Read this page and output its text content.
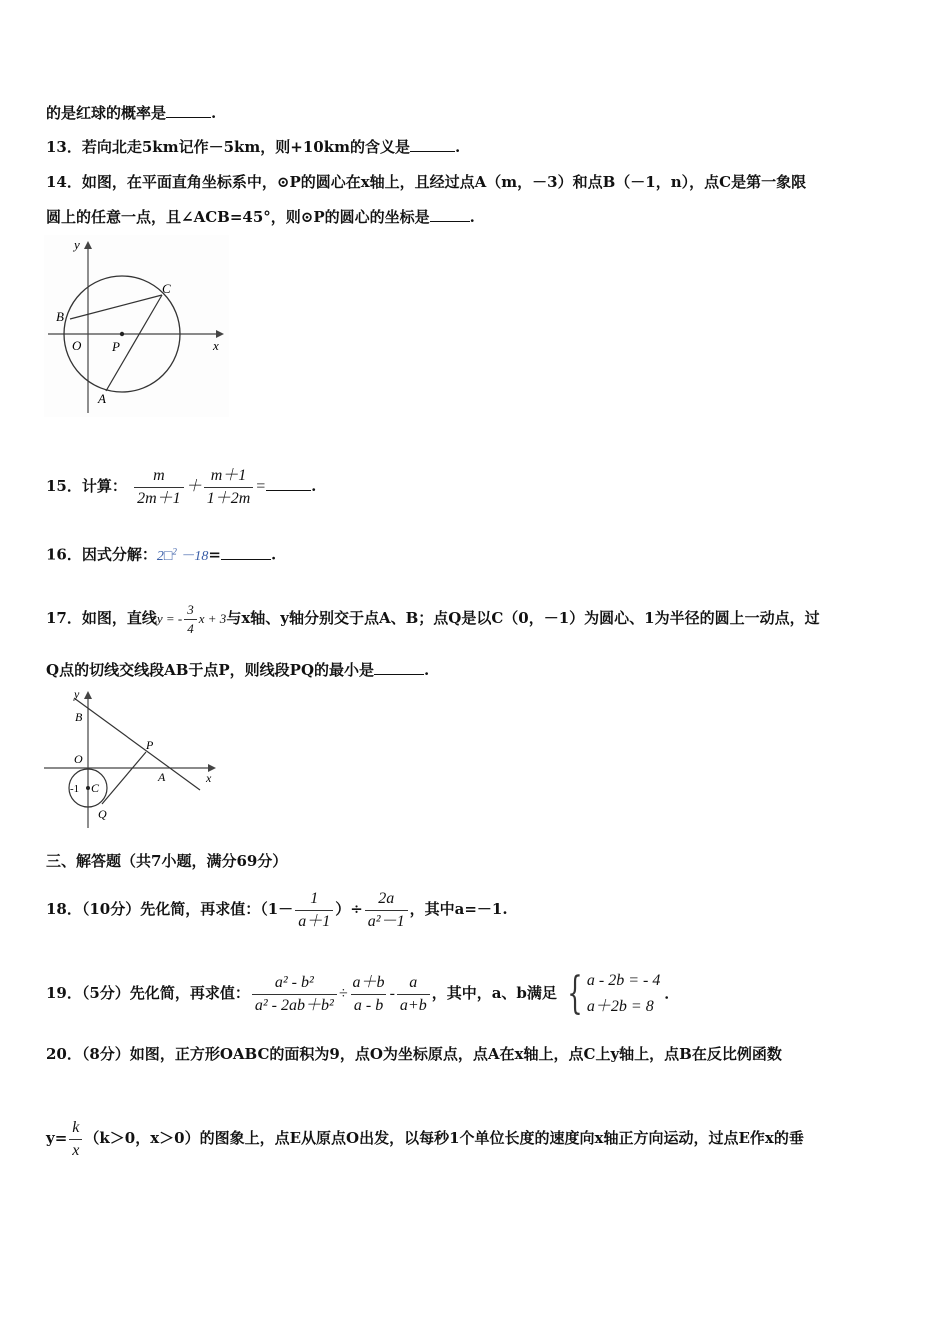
的是红球的概率是	.
13．若向北走5km记作－5km，则+10km的含义是	.
14．如图，在平面直角坐标系中，⊙P的圆心在x轴上，且经过点A（m，－3）和点B（－1，n），点C是第一象限
圆上的任意一点，且∠ACB=45°，则⊙P的圆心的坐标是	.
y
x
B
C
O P
A
15．计算： $\frac{m}{2m+1} + \frac{m+1}{1+2m}$ =	.
16．因式分解：2□$^2$ －18=	.
17．如图，直线y = - $\frac{3}{4}$ x + 3与x轴、y轴分别交于点A、B；点Q是以C（0，－1）为圆心、1为半径的圆上一动点，过
Q点的切线交线段AB于点P，则线段PQ的最小是	.
y
x
B
O
P
A
C
-1
Q
三、解答题（共7小题，满分69分）
18．（10分）先化简，再求值：（$1- \frac{1}{a+1}$ ）÷ $\frac{2a}{\text{a²－1}}$ ，其中a=－1.
19．（5分）先化简，再求值： $\frac{\text{a² - b²}}{\text{a² - 2ab＋b²}} \div \frac{a+b}{a - b} - \frac{a}{a+b}$ ，其中，a、b满足 { a - 2b = - 4
a＋2b = 8
．
20．（8分）如图，正方形OABC的面积为9，点O为坐标原点，点A在x轴上，点C上y轴上，点B在反比例函数
$y= \frac{k}{x} (k>0$，x＞0）的图象上，点E从原点O出发，以每秒1个单位长度的速度向x轴正方向运动，过点E作x的垂
